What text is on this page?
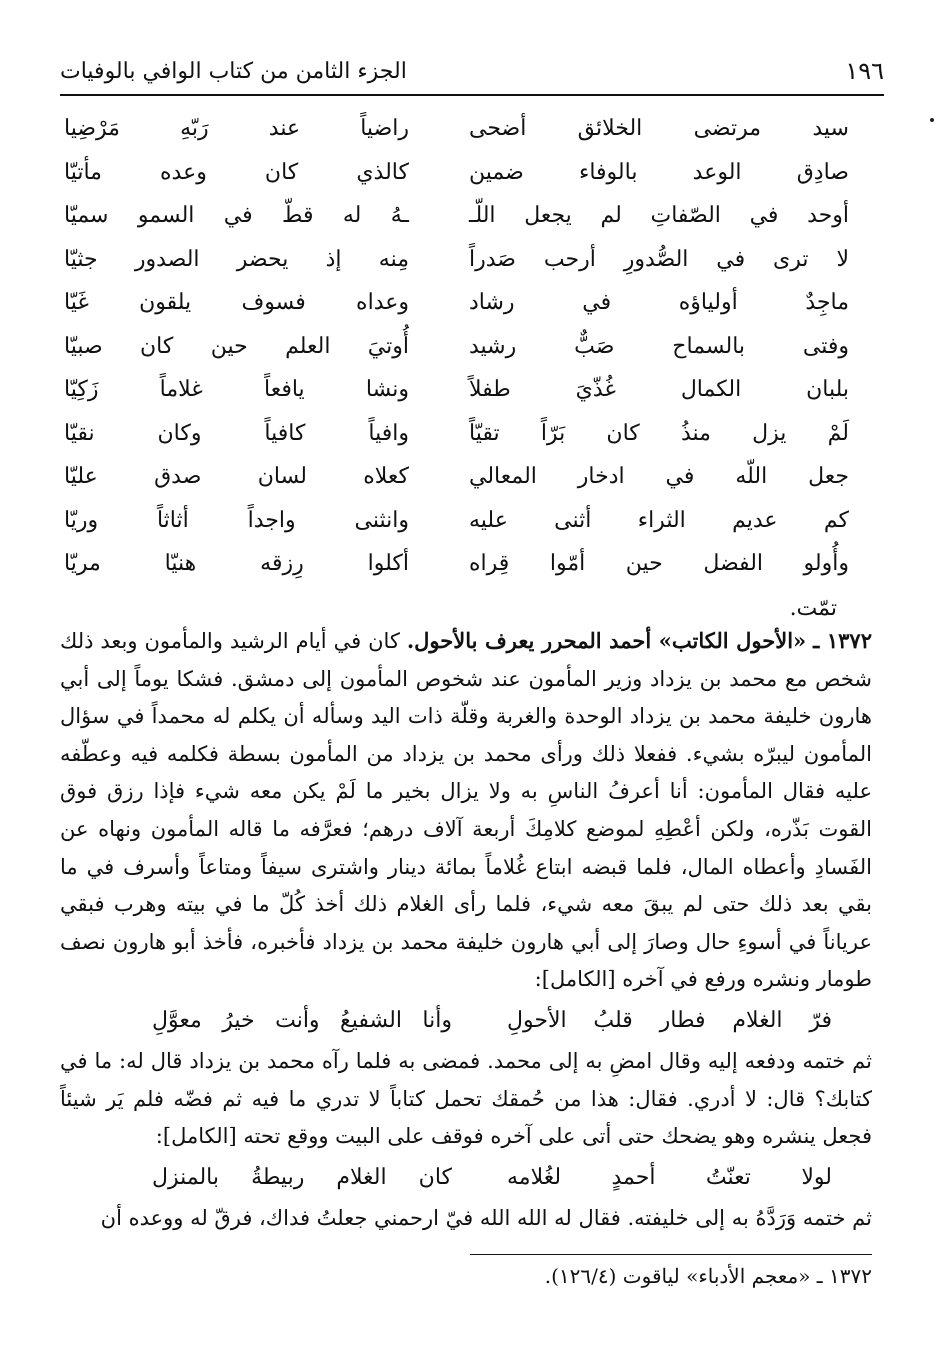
الجزء الثامن من كتاب الوافي بالوفيات	١٩٦
سيد مرتضى الخلائق أضحى
راضياً عند رَبّهِ مَرْضِيا
صادِق الوعد بالوفاء ضمين
كالذي كان وعده مأتيّا
أوحد في الصّفاتِ لم يجعل اللّـ
ـهُ له قطّ في السمو سميّا
لا ترى في الصُّدورِ أرحب صَدراً
مِنه إذ يحضر الصدور جثيّا
ماجِدٌ أولياؤه في رشاد
وعداه فسوف يلقون غَيّا
وفتى بالسماح صَبٌّ رشيد
أُوتيَ العلم حين كان صبيّا
بلبان الكمال غُذّيَ طفلاً
ونشا يافعاً غلاماً زَكِيّا
لَمْ يزل منذُ كان بَرّاً تقيّاً
وافياً كافياً وكان نقيّا
جعل اللّه في ادخار المعالي
كعلاه لسان صدق عليّا
كم عديم الثراء أثنى عليه
وانثنى واجداً أثاثاً وريّا
وأُولو الفضل حين أمّوا قِراه
أكلوا رِزقه هنيّا مريّا
تمّت.

١٣٧٢ ـ «الأحول الكاتب» أحمد المحرر يعرف بالأحول. كان في أيام الرشيد والمأمون وبعد ذلك شخص مع محمد بن يزداد وزير المأمون عند شخوص المأمون إلى دمشق. فشكا يوماً إلى أبي هارون خليفة محمد بن يزداد الوحدة والغربة وقلّة ذات اليد وسأله أن يكلم له محمداً في سؤال المأمون ليبرّه بشيء. ففعلا ذلك ورأى محمد بن يزداد من المأمون بسطة فكلمه فيه وعطّفه عليه فقال المأمون: أنا أعرفُ الناسِ به ولا يزال بخير ما لَمْ يكن معه شيء فإذا رزق فوق القوت بَذّره، ولكن أعْطِهِ لموضع كلامِكَ أربعة آلاف درهم؛ فعرَّفه ما قاله المأمون ونهاه عن الفَسادِ وأعطاه المال، فلما قبضه ابتاع غُلاماً بمائة دينار واشترى سيفاً ومتاعاً وأسرف في ما بقي بعد ذلك حتى لم يبقَ معه شيء، فلما رأى الغلام ذلك أخذ كُلّ ما في بيته وهرب فبقي عرياناً في أسوءِ حال وصارَ إلى أبي هارون خليفة محمد بن يزداد فأخبره، فأخذ أبو هارون نصف طومار ونشره ورفع في آخره [الكامل]:

فرّ الغلام فطار قلبُ الأحولِ
وأنا الشفيعُ وأنت خيرُ معوَّلِ

ثم ختمه ودفعه إليه وقال امضِ به إلى محمد. فمضى به فلما رآه محمد بن يزداد قال له: ما في كتابك؟ قال: لا أدري. فقال: هذا من حُمقك تحمل كتاباً لا تدري ما فيه ثم فضّه فلم يَر شيئاً فجعل ينشره وهو يضحك حتى أتى على آخره فوقف على البيت ووقع تحته [الكامل]:

لولا تعنّتُ أحمدٍ لغُلامه
كان الغلام ربيطةُ بالمنزل

ثم ختمه وَرَدَّهُ به إلى خليفته. فقال له الله الله فيّ ارحمني جعلتُ فداك، فرقّ له ووعده أن

١٣٧٢ ـ «معجم الأدباء» لياقوت (١٢٦/٤).
